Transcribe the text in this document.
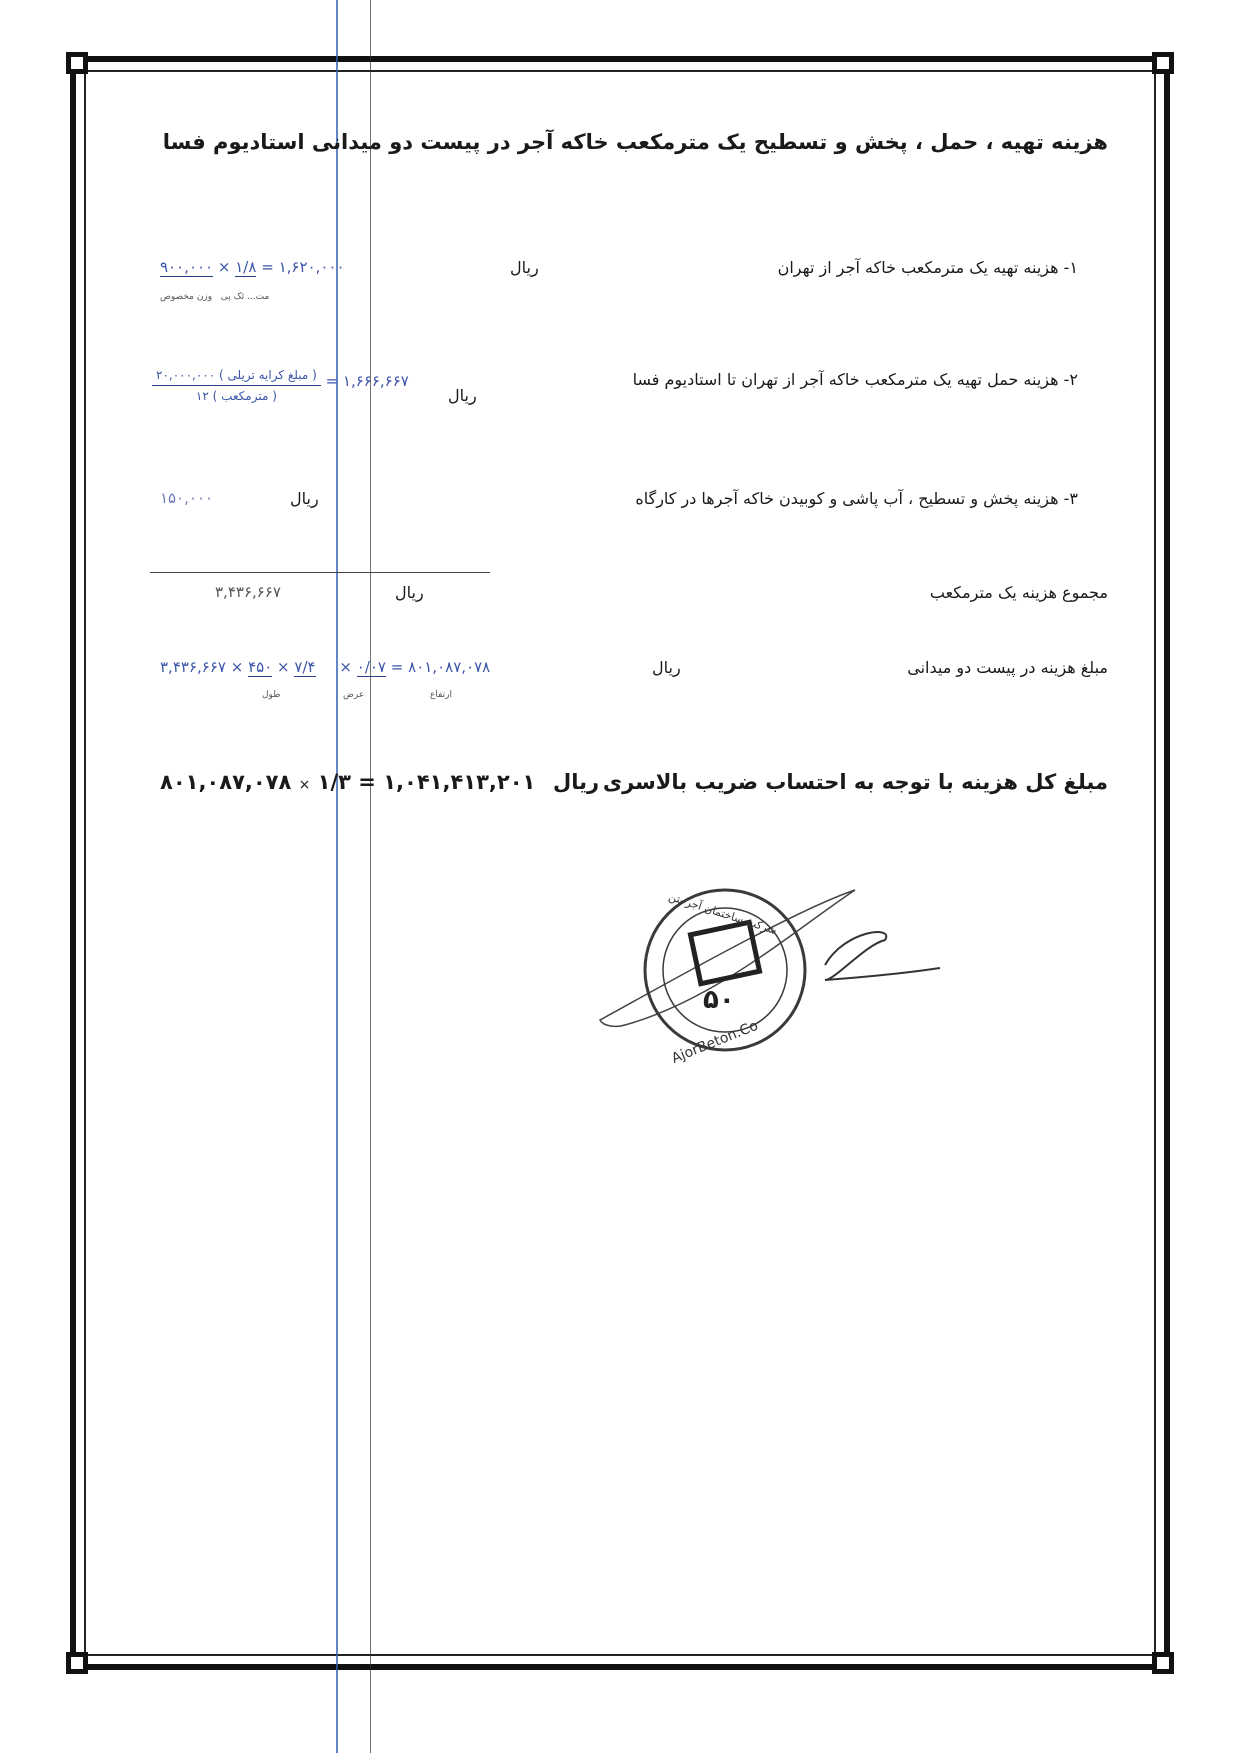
هزینه تهیه ، حمل ، پخش و تسطیح یک مترمکعب خاکه آجر در پیست دو میدانی استادیوم فسا
۱- هزینه تهیه یک مترمکعب خاکه آجر از تهران
ریال
۹۰۰,۰۰۰ × ۱/۸ = ۱,۶۲۰,۰۰۰
مت... ئک پی   وزن مخصوص
۲- هزینه حمل تهیه یک مترمکعب خاکه آجر از تهران تا استادیوم فسا
ریال
$\frac{\text{۲۰,۰۰۰,۰۰۰ ( مبلغ کرایه تریلی )}}{\text{۱۲ ( مترمکعب )}}$ = ۱,۶۶۶,۶۶۷
۳- هزینه پخش و تسطیح ، آب پاشی و کوبیدن خاکه آجرها در کارگاه
ریال
۱۵۰,۰۰۰
مجموع هزینه یک مترمکعب
ریال
۳,۴۳۶,۶۶۷
مبلغ هزینه در پیست دو میدانی
ریال
۳,۴۳۶,۶۶۷ × ۴۵۰ × ۷/۴ × ۰/۰۷ = ۸۰۱,۰۸۷,۰۷۸
طول	عرض	ارتفاع
مبلغ کل هزینه با توجه به احتساب ضریب بالاسری
ریال
۸۰۱,۰۸۷,۰۷۸ × ۱/۳ = ۱,۰۴۱,۴۱۳,۲۰۱
۵۰
AjorBeton.Co
شرکت ساختمان آجر بتن
